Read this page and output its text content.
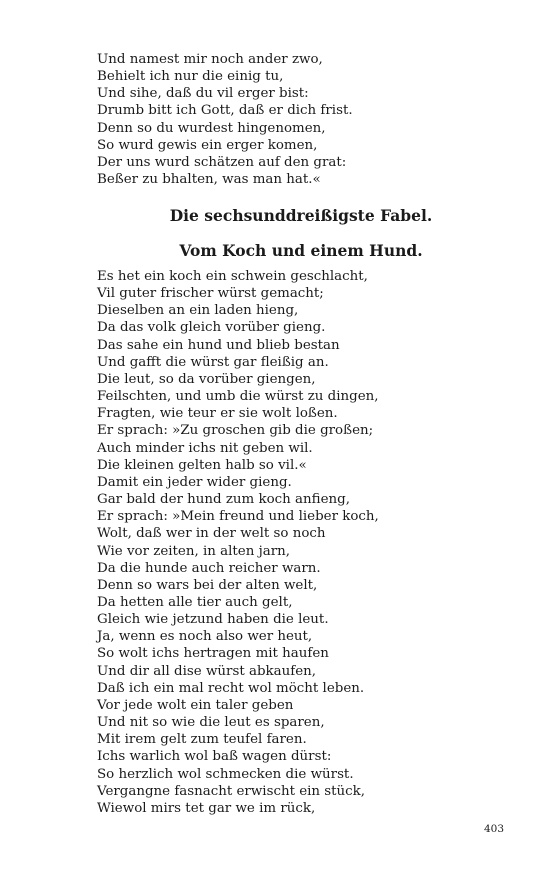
Und namest mir noch ander zwo,
Behielt ich nur die einig tu,
Und sihe, daß du vil erger bist:
Drumb bitt ich Gott, daß er dich frist.
Denn so du wurdest hingenomen,
So wurd gewis ein erger komen,
Der uns wurd schätzen auf den grat:
Beßer zu bhalten, was man hat.«
Die sechsunddreißigste Fabel.
Vom Koch und einem Hund.
Es het ein koch ein schwein geschlacht,
Vil guter frischer würst gemacht;
Dieselben an ein laden hieng,
Da das volk gleich vorüber gieng.
Das sahe ein hund und blieb bestan
Und gafft die würst gar fleißig an.
Die leut, so da vorüber giengen,
Feilschten, und umb die würst zu dingen,
Fragten, wie teur er sie wolt loßen.
Er sprach: »Zu groschen gib die großen;
Auch minder ichs nit geben wil.
Die kleinen gelten halb so vil.«
Damit ein jeder wider gieng.
Gar bald der hund zum koch anfieng,
Er sprach: »Mein freund und lieber koch,
Wolt, daß wer in der welt so noch
Wie vor zeiten, in alten jarn,
Da die hunde auch reicher warn.
Denn so wars bei der alten welt,
Da hetten alle tier auch gelt,
Gleich wie jetzund haben die leut.
Ja, wenn es noch also wer heut,
So wolt ichs hertragen mit haufen
Und dir all dise würst abkaufen,
Daß ich ein mal recht wol möcht leben.
Vor jede wolt ein taler geben
Und nit so wie die leut es sparen,
Mit irem gelt zum teufel faren.
Ichs warlich wol baß wagen dürst:
So herzlich wol schmecken die würst.
Vergangne fasnacht erwischt ein stück,
Wiewol mirs tet gar we im rück,
403
